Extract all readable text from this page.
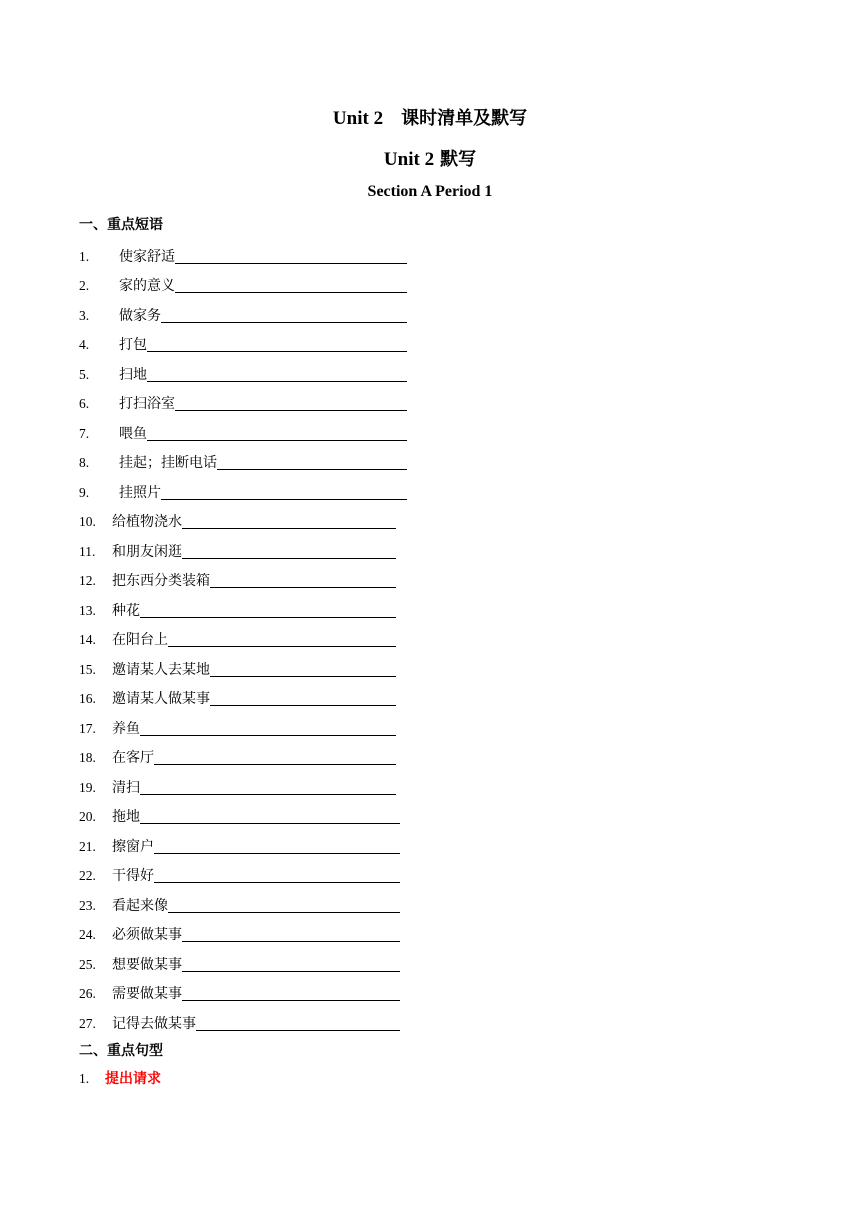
Unit 2 课时清单及默写
Unit 2 默写
Section A Period 1
一、重点短语
1.	使家舒适
2.	家的意义
3.	做家务
4.	打包
5.	扫地
6.	打扫浴室
7.	喂鱼
8.	挂起；挂断电话
9.	挂照片
10.	给植物浇水
11.	和朋友闲逛
12.	把东西分类装箱
13.	种花
14.	在阳台上
15.	邀请某人去某地
16.	邀请某人做某事
17.	养鱼
18.	在客厅
19.	清扫
20.	拖地
21.	擦窗户
22.	干得好
23.	看起来像
24.	必须做某事
25.	想要做某事
26.	需要做某事
27.	记得去做某事
二、重点句型
1.	提出请求
